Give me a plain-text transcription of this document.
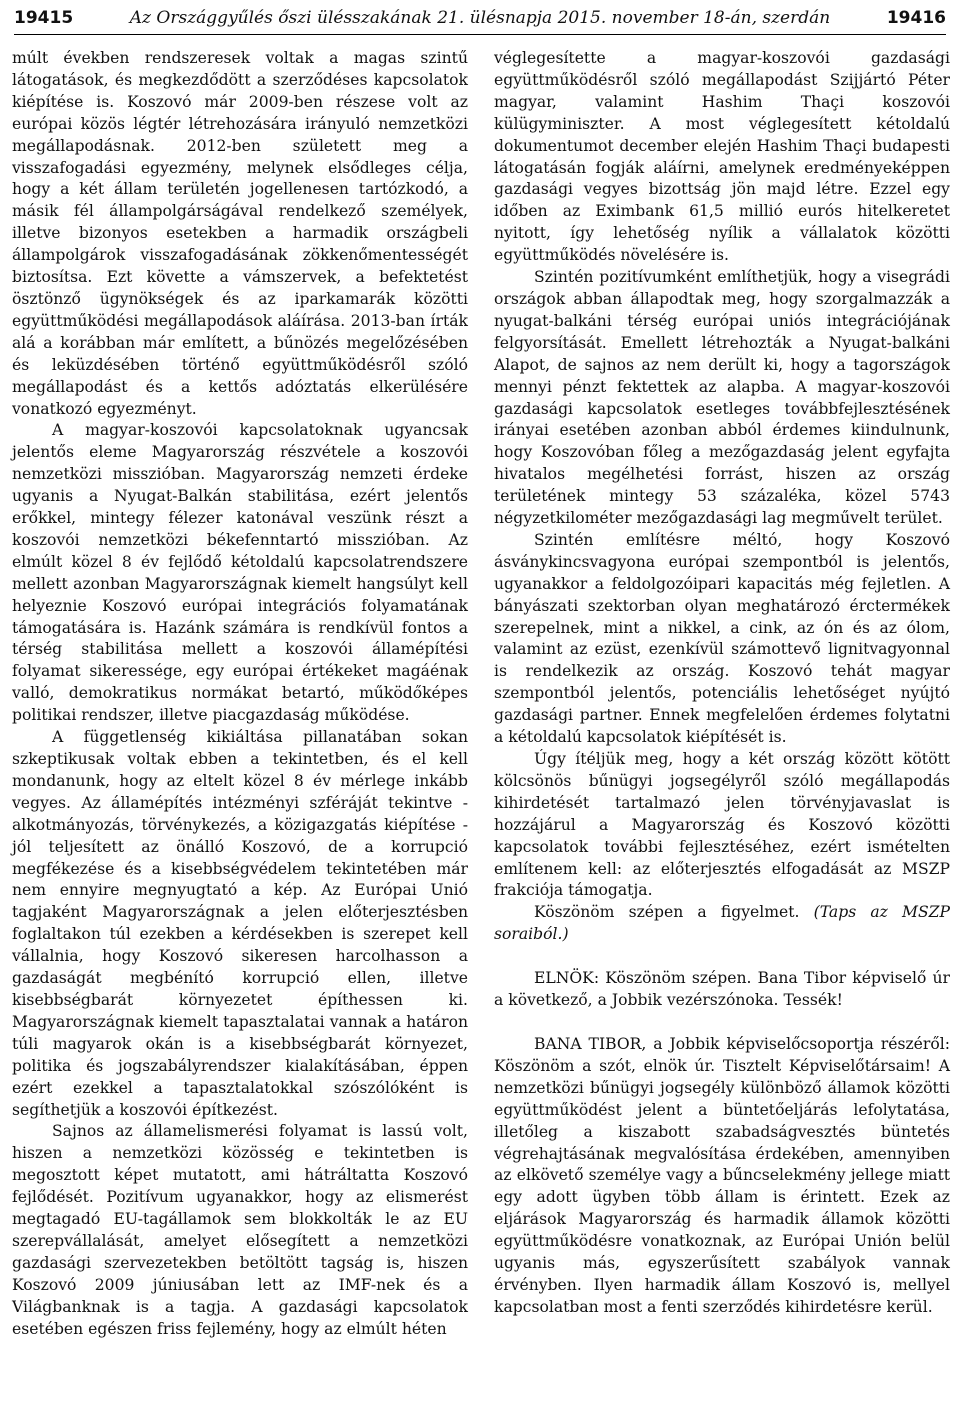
19415	Az Országgyűlés őszi ülésszakának 21. ülésnapja 2015. november 18-án, szerdán	19416

múlt években rendszeresek voltak a magas szintű látogatások, és megkezdődött a szerződéses kapcsolatok kiépítése is. Koszovó már 2009-ben részese volt az európai közös légtér létrehozására irányuló nemzetközi megállapodásnak. 2012-ben született meg a visszafogadási egyezmény, melynek elsődleges célja, hogy a két állam területén jogellenesen tartózkodó, a másik fél állampolgárságával rendelkező személyek, illetve bizonyos esetekben a harmadik országbeli állampolgárok visszafogadásának zökkenőmentességét biztosítsa. Ezt követte a vámszervek, a befektetést ösztönző ügynökségek és az iparkamarák közötti együttműködési megállapodások aláírása. 2013-ban írták alá a korábban már említett, a bűnözés megelőzésében és leküzdésében történő együttműködésről szóló megállapodást és a kettős adóztatás elkerülésére vonatkozó egyezményt.

A magyar-koszovói kapcsolatoknak ugyancsak jelentős eleme Magyarország részvétele a koszovói nemzetközi misszióban. Magyarország nemzeti érdeke ugyanis a Nyugat-Balkán stabilitása, ezért jelentős erőkkel, mintegy félezer katonával veszünk részt a koszovói nemzetközi békefenntartó misszióban. Az elmúlt közel 8 év fejlődő kétoldalú kapcsolatrendszere mellett azonban Magyarországnak kiemelt hangsúlyt kell helyeznie Koszovó európai integrációs folyamatának támogatására is. Hazánk számára is rendkívül fontos a térség stabilitása mellett a koszovói államépítési folyamat sikeressége, egy európai értékeket magáénak valló, demokratikus normákat betartó, működőképes politikai rendszer, illetve piacgazdaság működése.

A függetlenség kikiáltása pillanatában sokan szkeptikusak voltak ebben a tekintetben, és el kell mondanunk, hogy az eltelt közel 8 év mérlege inkább vegyes. Az államépítés intézményi szféráját tekintve - alkotmányozás, törvénykezés, a közigazgatás kiépítése - jól teljesített az önálló Koszovó, de a korrupció megfékezése és a kisebbségvédelem tekintetében már nem ennyire megnyugtató a kép. Az Európai Unió tagjaként Magyarországnak a jelen előterjesztésben foglaltakon túl ezekben a kérdésekben is szerepet kell vállalnia, hogy Koszovó sikeresen harcolhasson a gazdaságát megbénító korrupció ellen, illetve kisebbségbarát környezetet építhessen ki. Magyarországnak kiemelt tapasztalatai vannak a határon túli magyarok okán is a kisebbségbarát környezet, politika és jogszabályrendszer kialakításában, éppen ezért ezekkel a tapasztalatokkal szószólóként is segíthetjük a koszovói építkezést.

Sajnos az államelismerési folyamat is lassú volt, hiszen a nemzetközi közösség e tekintetben is megosztott képet mutatott, ami hátráltatta Koszovó fejlődését. Pozitívum ugyanakkor, hogy az elismerést megtagadó EU-tagállamok sem blokkolták le az EU szerepvállalását, amelyet elősegített a nemzetközi gazdasági szervezetekben betöltött tagság is, hiszen Koszovó 2009 júniusában lett az IMF-nek és a Világbanknak is a tagja. A gazdasági kapcsolatok esetében egészen friss fejlemény, hogy az elmúlt héten

véglegesítette a magyar-koszovói gazdasági együttműködésről szóló megállapodást Szijjártó Péter magyar, valamint Hashim Thaçi koszovói külügyminiszter. A most véglegesített kétoldalú dokumentumot december elején Hashim Thaçi budapesti látogatásán fogják aláírni, amelynek eredményeképpen gazdasági vegyes bizottság jön majd létre. Ezzel egy időben az Eximbank 61,5 millió eurós hitelkeretet nyitott, így lehetőség nyílik a vállalatok közötti együttműködés növelésére is.

Szintén pozitívumként említhetjük, hogy a visegrádi országok abban állapodtak meg, hogy szorgalmazzák a nyugat-balkáni térség európai uniós integrációjának felgyorsítását. Emellett létrehozták a Nyugat-balkáni Alapot, de sajnos az nem derült ki, hogy a tagországok mennyi pénzt fektettek az alapba. A magyar-koszovói gazdasági kapcsolatok esetleges továbbfejlesztésének irányai esetében azonban abból érdemes kiindulnunk, hogy Koszovóban főleg a mezőgazdaság jelent egyfajta hivatalos megélhetési forrást, hiszen az ország területének mintegy 53 százaléka, közel 5743 négyzetkilométer mezőgazdasági lag megművelt terület.

Szintén említésre méltó, hogy Koszovó ásványkincsvagyona európai szempontból is jelentős, ugyanakkor a feldolgozóipari kapacitás még fejletlen. A bányászati szektorban olyan meghatározó érctermékek szerepelnek, mint a nikkel, a cink, az ón és az ólom, valamint az ezüst, ezenkívül számottevő lignitvagyonnal is rendelkezik az ország. Koszovó tehát magyar szempontból jelentős, potenciális lehetőséget nyújtó gazdasági partner. Ennek megfelelően érdemes folytatni a kétoldalú kapcsolatok kiépítését is.

Úgy ítéljük meg, hogy a két ország között kötött kölcsönös bűnügyi jogsegélyről szóló megállapodás kihirdetését tartalmazó jelen törvényjavaslat is hozzájárul a Magyarország és Koszovó közötti kapcsolatok további fejlesztéséhez, ezért ismételten említenem kell: az előterjesztés elfogadását az MSZP frakciója támogatja.

Köszönöm szépen a figyelmet. (Taps az MSZP soraiból.)

ELNÖK: Köszönöm szépen. Bana Tibor képviselő úr a következő, a Jobbik vezérszónoka. Tessék!

BANA TIBOR, a Jobbik képviselőcsoportja részéről: Köszönöm a szót, elnök úr. Tisztelt Képviselőtársaim! A nemzetközi bűnügyi jogsegély különböző államok közötti együttműködést jelent a büntetőeljárás lefolytatása, illetőleg a kiszabott szabadságvesztés büntetés végrehajtásának megvalósítása érdekében, amennyiben az elkövető személye vagy a bűncselekmény jellege miatt egy adott ügyben több állam is érintett. Ezek az eljárások Magyarország és harmadik államok közötti együttműködésre vonatkoznak, az Európai Unión belül ugyanis más, egyszerűsített szabályok vannak érvényben. Ilyen harmadik állam Koszovó is, mellyel kapcsolatban most a fenti szerződés kihirdetésre kerül.
